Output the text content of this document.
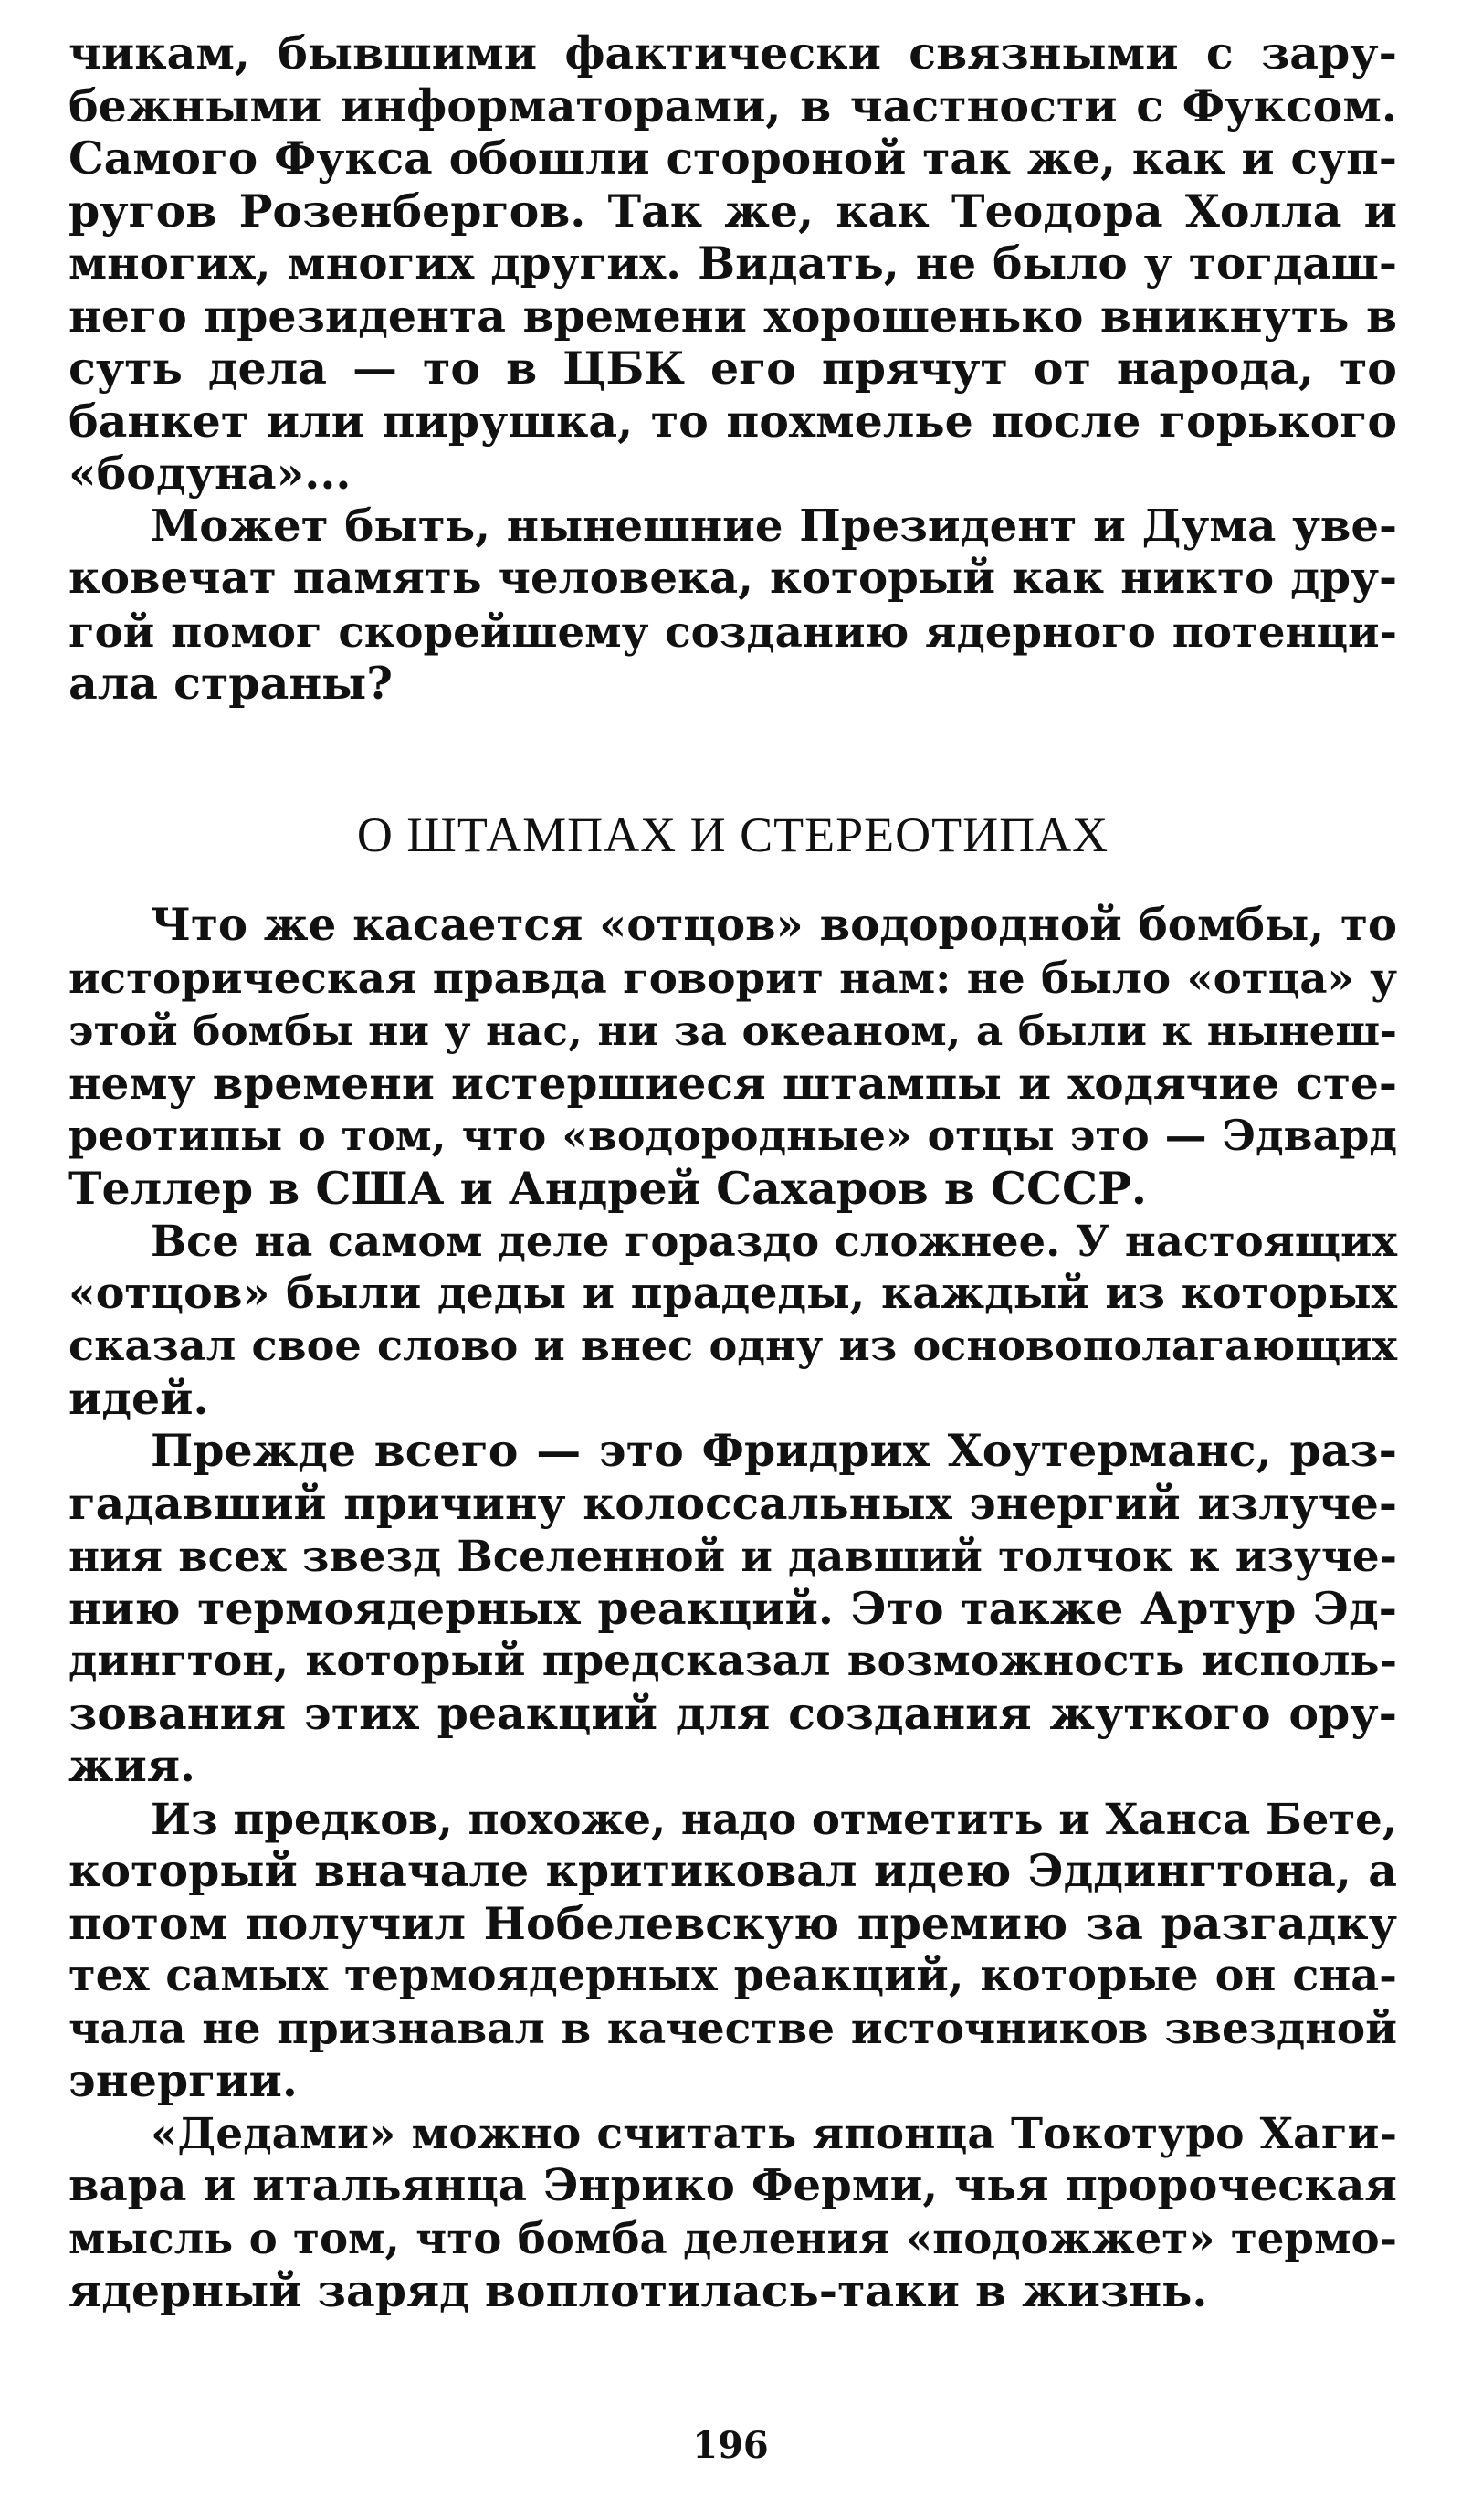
чикам, бывшими фактически связными с зару-
бежными информаторами, в частности с Фуксом.
Самого Фукса обошли стороной так же, как и суп-
ругов Розенбергов. Так же, как Теодора Холла и
многих, многих других. Видать, не было у тогдаш-
него президента времени хорошенько вникнуть в
суть дела — то в ЦБК его прячут от народа, то
банкет или пирушка, то похмелье после горького
«бодуна»...
Может быть, нынешние Президент и Дума уве-
ковечат память человека, который как никто дру-
гой помог скорейшему созданию ядерного потенци-
ала страны?
О ШТАМПАХ И СТЕРЕОТИПАХ
Что же касается «отцов» водородной бомбы, то
историческая правда говорит нам: не было «отца» у
этой бомбы ни у нас, ни за океаном, а были к нынеш-
нему времени истершиеся штампы и ходячие сте-
реотипы о том, что «водородные» отцы это — Эдвард
Теллер в США и Андрей Сахаров в СССР.
Все на самом деле гораздо сложнее. У настоящих
«отцов» были деды и прадеды, каждый из которых
сказал свое слово и внес одну из основополагающих
идей.
Прежде всего — это Фридрих Хоутерманс, раз-
гадавший причину колоссальных энергий излуче-
ния всех звезд Вселенной и давший толчок к изуче-
нию термоядерных реакций. Это также Артур Эд-
дингтон, который предсказал возможность исполь-
зования этих реакций для создания жуткого ору-
жия.
Из предков, похоже, надо отметить и Ханса Бете,
который вначале критиковал идею Эддингтона, а
потом получил Нобелевскую премию за разгадку
тех самых термоядерных реакций, которые он сна-
чала не признавал в качестве источников звездной
энергии.
«Дедами» можно считать японца Токотуро Хаги-
вара и итальянца Энрико Ферми, чья пророческая
мысль о том, что бомба деления «подожжет» термо-
ядерный заряд воплотилась-таки в жизнь.
196
